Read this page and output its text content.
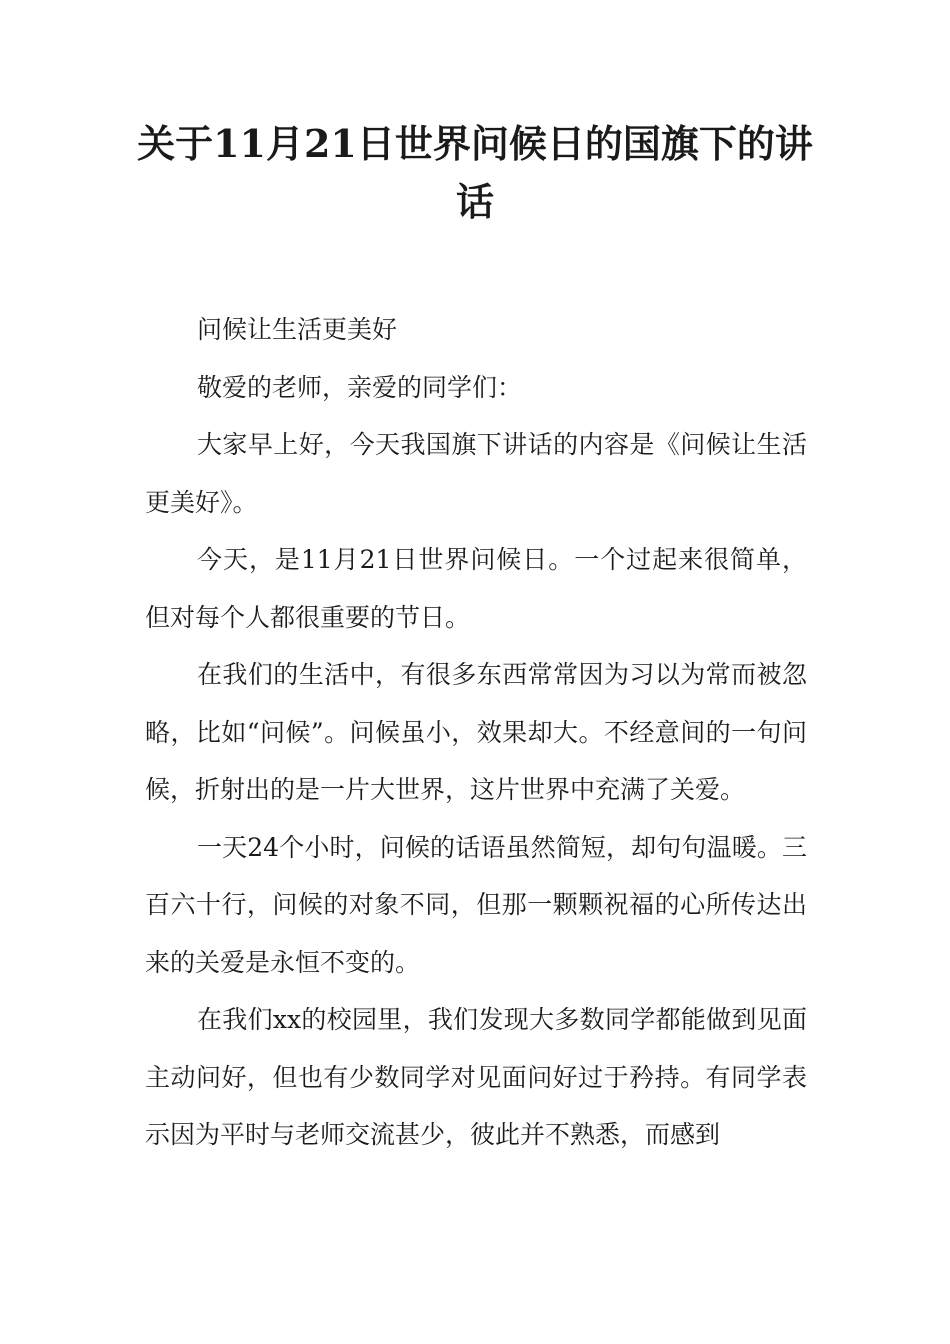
关于11月21日世界问候日的国旗下的讲话

问候让生活更美好

敬爱的老师，亲爱的同学们：

大家早上好，今天我国旗下讲话的内容是《问候让生活更美好》。

今天，是11月21日世界问候日。一个过起来很简单，但对每个人都很重要的节日。

在我们的生活中，有很多东西常常因为习以为常而被忽略，比如“问候”。问候虽小，效果却大。不经意间的一句问候，折射出的是一片大世界，这片世界中充满了关爱。

一天24个小时，问候的话语虽然简短，却句句温暖。三百六十行，问候的对象不同，但那一颗颗祝福的心所传达出来的关爱是永恒不变的。

在我们xx的校园里，我们发现大多数同学都能做到见面主动问好，但也有少数同学对见面问好过于矜持。有同学表示因为平时与老师交流甚少，彼此并不熟悉，而感到
